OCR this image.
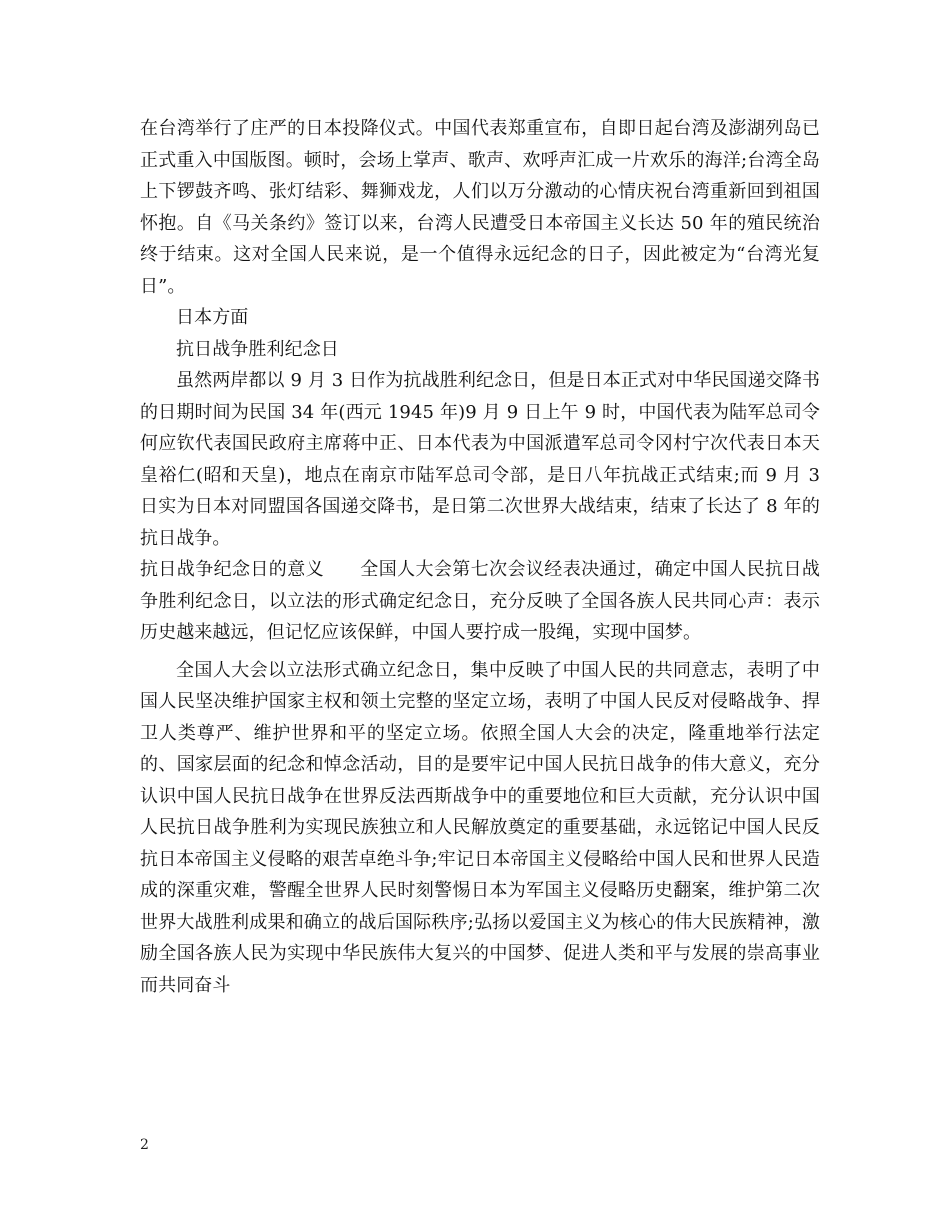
在台湾举行了庄严的日本投降仪式。中国代表郑重宣布，自即日起台湾及澎湖列岛已正式重入中国版图。顿时，会场上掌声、歌声、欢呼声汇成一片欢乐的海洋;台湾全岛上下锣鼓齐鸣、张灯结彩、舞狮戏龙，人们以万分激动的心情庆祝台湾重新回到祖国怀抱。自《马关条约》签订以来，台湾人民遭受日本帝国主义长达 50 年的殖民统治终于结束。这对全国人民来说，是一个值得永远纪念的日子，因此被定为“台湾光复日”。

日本方面

抗日战争胜利纪念日

虽然两岸都以 9 月 3 日作为抗战胜利纪念日，但是日本正式对中华民国递交降书的日期时间为民国 34 年(西元 1945 年)9 月 9 日上午 9 时，中国代表为陆军总司令何应钦代表国民政府主席蒋中正、日本代表为中国派遣军总司令冈村宁次代表日本天皇裕仁(昭和天皇)，地点在南京市陆军总司令部，是日八年抗战正式结束;而 9 月 3 日实为日本对同盟国各国递交降书，是日第二次世界大战结束，结束了长达了 8 年的抗日战争。

抗日战争纪念日的意义 全国人大会第七次会议经表决通过，确定中国人民抗日战争胜利纪念日，以立法的形式确定纪念日，充分反映了全国各族人民共同心声：表示历史越来越远，但记忆应该保鲜，中国人要拧成一股绳，实现中国梦。

全国人大会以立法形式确立纪念日，集中反映了中国人民的共同意志，表明了中国人民坚决维护国家主权和领土完整的坚定立场，表明了中国人民反对侵略战争、捍卫人类尊严、维护世界和平的坚定立场。依照全国人大会的决定，隆重地举行法定的、国家层面的纪念和悼念活动，目的是要牢记中国人民抗日战争的伟大意义，充分认识中国人民抗日战争在世界反法西斯战争中的重要地位和巨大贡献，充分认识中国人民抗日战争胜利为实现民族独立和人民解放奠定的重要基础，永远铭记中国人民反抗日本帝国主义侵略的艰苦卓绝斗争;牢记日本帝国主义侵略给中国人民和世界人民造成的深重灾难，警醒全世界人民时刻警惕日本为军国主义侵略历史翻案，维护第二次世界大战胜利成果和确立的战后国际秩序;弘扬以爱国主义为核心的伟大民族精神，激励全国各族人民为实现中华民族伟大复兴的中国梦、促进人类和平与发展的崇高事业而共同奋斗

2
